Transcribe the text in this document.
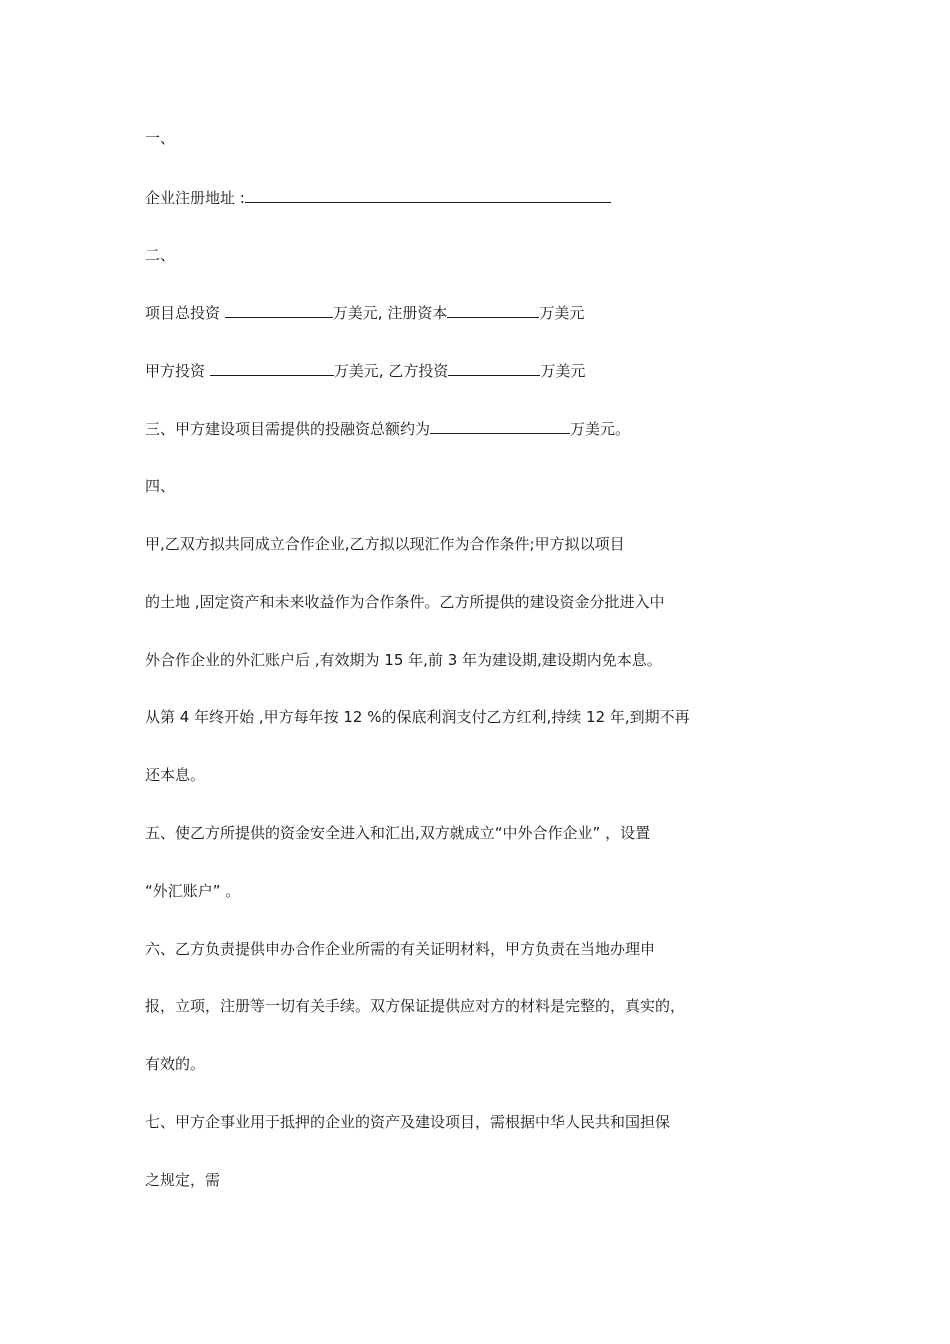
一、
企业注册地址 :
二、
项目总投资	万美元, 注册资本	万美元
甲方投资	万美元, 乙方投资	万美元
三、甲方建设项目需提供的投融资总额约为	万美元。
四、
甲,乙双方拟共同成立合作企业,乙方拟以现汇作为合作条件;甲方拟以项目
的土地 ,固定资产和未来收益作为合作条件。乙方所提供的建设资金分批进入中
外合作企业的外汇账户后 ,有效期为 15 年,前 3 年为建设期,建设期内免本息。
从第 4 年终开始 ,甲方每年按 12 %的保底利润支付乙方红利,持续 12 年,到期不再
还本息。
五、使乙方所提供的资金安全进入和汇出,双方就成立“中外合作企业” ，设置
“外汇账户” 。
六、乙方负责提供申办合作企业所需的有关证明材料，甲方负责在当地办理申
报，立项，注册等一切有关手续。双方保证提供应对方的材料是完整的，真实的，
有效的。
七、甲方企事业用于抵押的企业的资产及建设项目，需根据中华人民共和国担保
之规定，需
